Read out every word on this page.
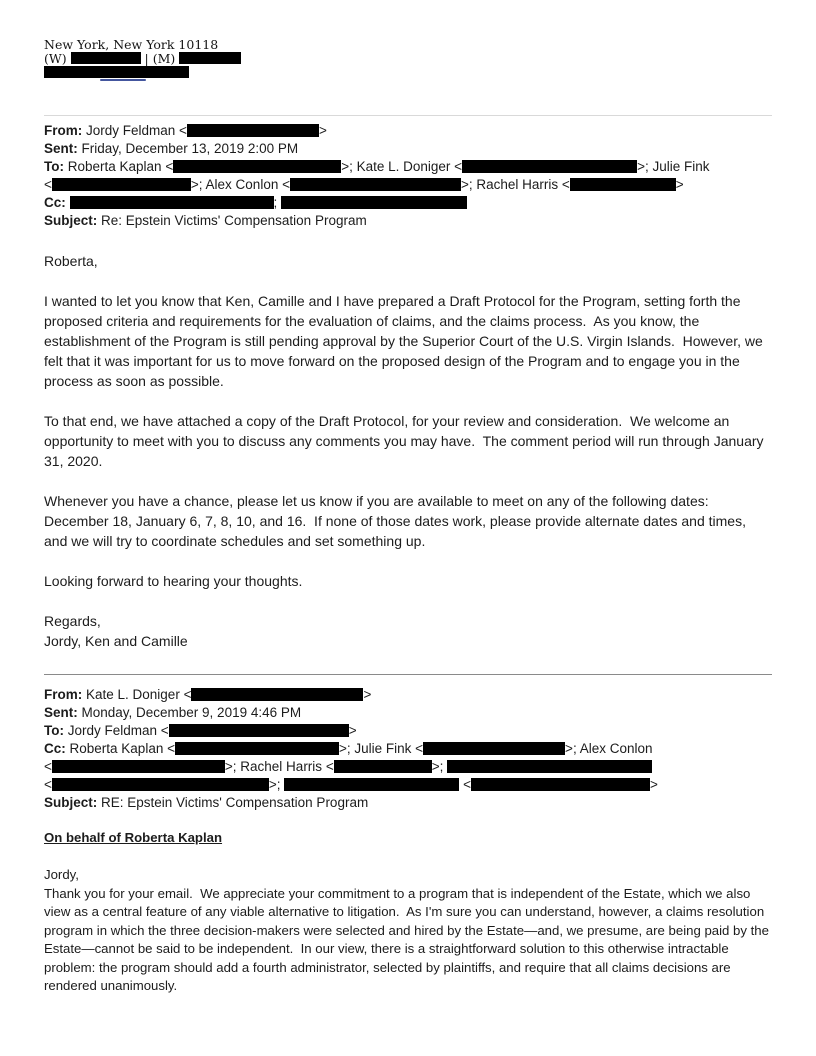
New York, New York 10118
(W)	| (M)
From: Jordy Feldman <	>
Sent: Friday, December 13, 2019 2:00 PM
To: Roberta Kaplan <	>; Kate L. Doniger <	>; Julie Fink <	>; Alex Conlon <	>; Rachel Harris <	>
Cc:	;
Subject: Re: Epstein Victims' Compensation Program
Roberta,

I wanted to let you know that Ken, Camille and I have prepared a Draft Protocol for the Program, setting forth the proposed criteria and requirements for the evaluation of claims, and the claims process.  As you know, the establishment of the Program is still pending approval by the Superior Court of the U.S. Virgin Islands.  However, we felt that it was important for us to move forward on the proposed design of the Program and to engage you in the process as soon as possible.

To that end, we have attached a copy of the Draft Protocol, for your review and consideration.  We welcome an opportunity to meet with you to discuss any comments you may have.  The comment period will run through January 31, 2020.

Whenever you have a chance, please let us know if you are available to meet on any of the following dates: December 18, January 6, 7, 8, 10, and 16.  If none of those dates work, please provide alternate dates and times, and we will try to coordinate schedules and set something up.

Looking forward to hearing your thoughts.

Regards,
Jordy, Ken and Camille
From: Kate L. Doniger <	>
Sent: Monday, December 9, 2019 4:46 PM
To: Jordy Feldman <	>
Cc: Roberta Kaplan <	>; Julie Fink <	>; Alex Conlon <	>; Rachel Harris <	>;  <	>;	<	>
Subject: RE: Epstein Victims' Compensation Program
On behalf of Roberta Kaplan

Jordy,
Thank you for your email.  We appreciate your commitment to a program that is independent of the Estate, which we also view as a central feature of any viable alternative to litigation.  As I'm sure you can understand, however, a claims resolution program in which the three decision-makers were selected and hired by the Estate—and, we presume, are being paid by the Estate—cannot be said to be independent.  In our view, there is a straightforward solution to this otherwise intractable problem: the program should add a fourth administrator, selected by plaintiffs, and require that all claims decisions are rendered unanimously.
